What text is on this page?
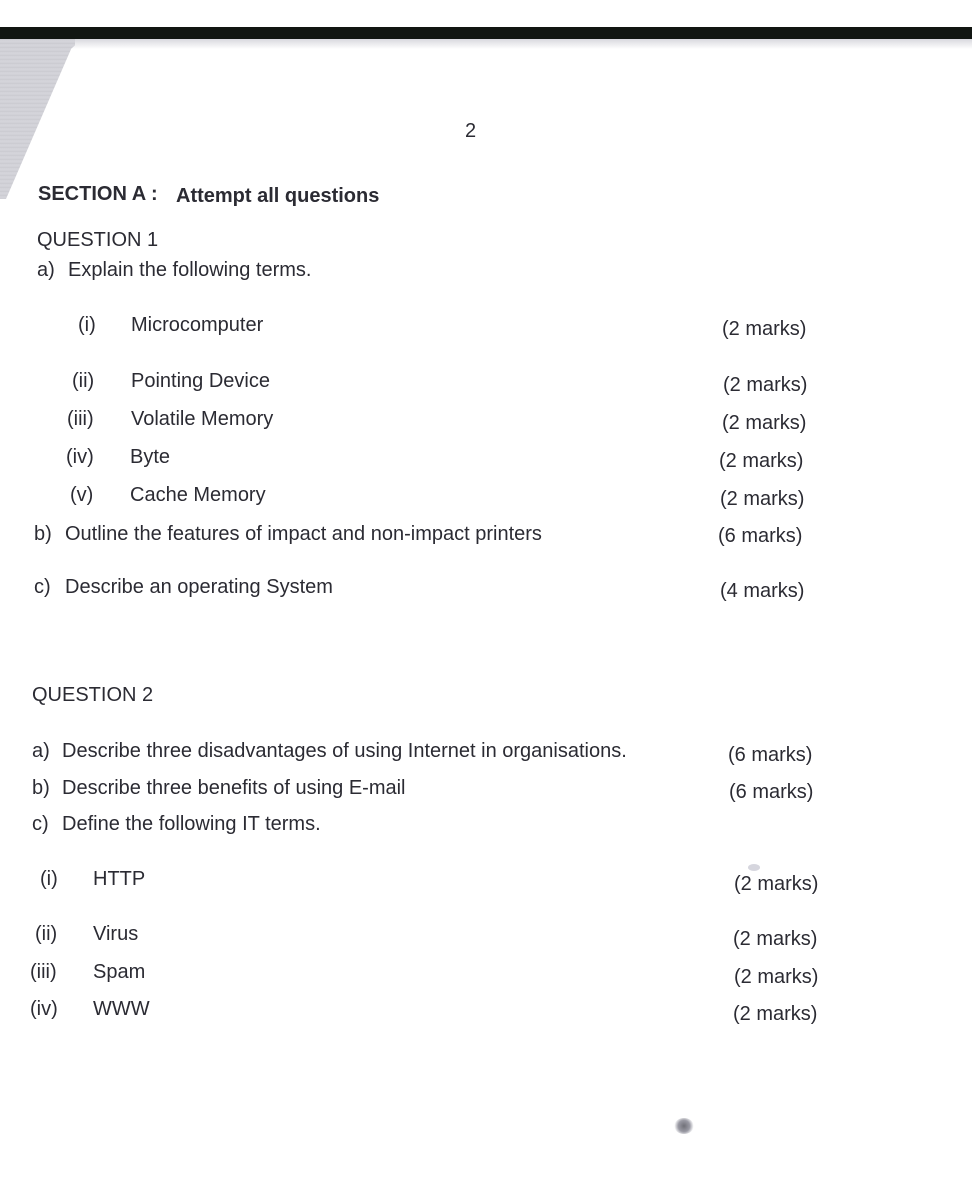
2
SECTION A : Attempt all questions
QUESTION 1
a) Explain the following terms.
(i) Microcomputer	(2 marks)
(ii) Pointing Device	(2 marks)
(iii) Volatile Memory	(2 marks)
(iv) Byte	(2 marks)
(v) Cache Memory	(2 marks)
b) Outline the features of impact and non-impact printers	(6 marks)
c) Describe an operating System	(4 marks)
QUESTION 2
a) Describe three disadvantages of using Internet in organisations.	(6 marks)
b) Describe three benefits of using E-mail	(6 marks)
c) Define the following IT terms.
(i) HTTP	(2 marks)
(ii) Virus	(2 marks)
(iii) Spam	(2 marks)
(iv) WWW	(2 marks)
